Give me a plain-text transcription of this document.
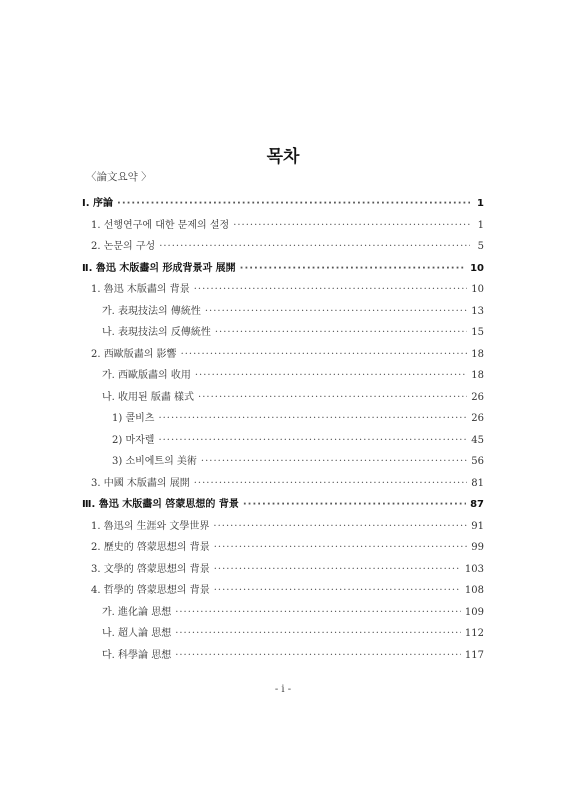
목차
〈論文요약 〉
Ⅰ. 序論 ·····	1
1. 선행연구에 대한 문제의 설정 ·····	1
2. 논문의 구성 ·····	5
Ⅱ. 魯迅 木版畵의 形成背景과 展開 ·····	10
1. 魯迅 木版畵의 背景 ·····	10
가. 表現技法의 傳統性 ·····	13
나. 表現技法의 反傳統性 ·····	15
2. 西歐版畵의 影響 ·····	18
가. 西歐版畵의 收用 ·····	18
나. 收用된 版畵 樣式 ·····	26
1) 콜비츠 ·····	26
2) 마자렐 ·····	45
3) 소비에트의 美術 ·····	56
3. 中國 木版畵의 展開 ·····	81
Ⅲ. 魯迅 木版畵의 啓蒙思想的 背景 ·····	87
1. 魯迅의 生涯와 文學世界 ·····	91
2. 歷史的 啓蒙思想의 背景 ·····	99
3. 文學的 啓蒙思想의 背景 ·····	103
4. 哲學的 啓蒙思想의 背景 ·····	108
가. 進化論 思想 ·····	109
나. 超人論 思想 ·····	112
다. 科學論 思想 ·····	117
- i -
